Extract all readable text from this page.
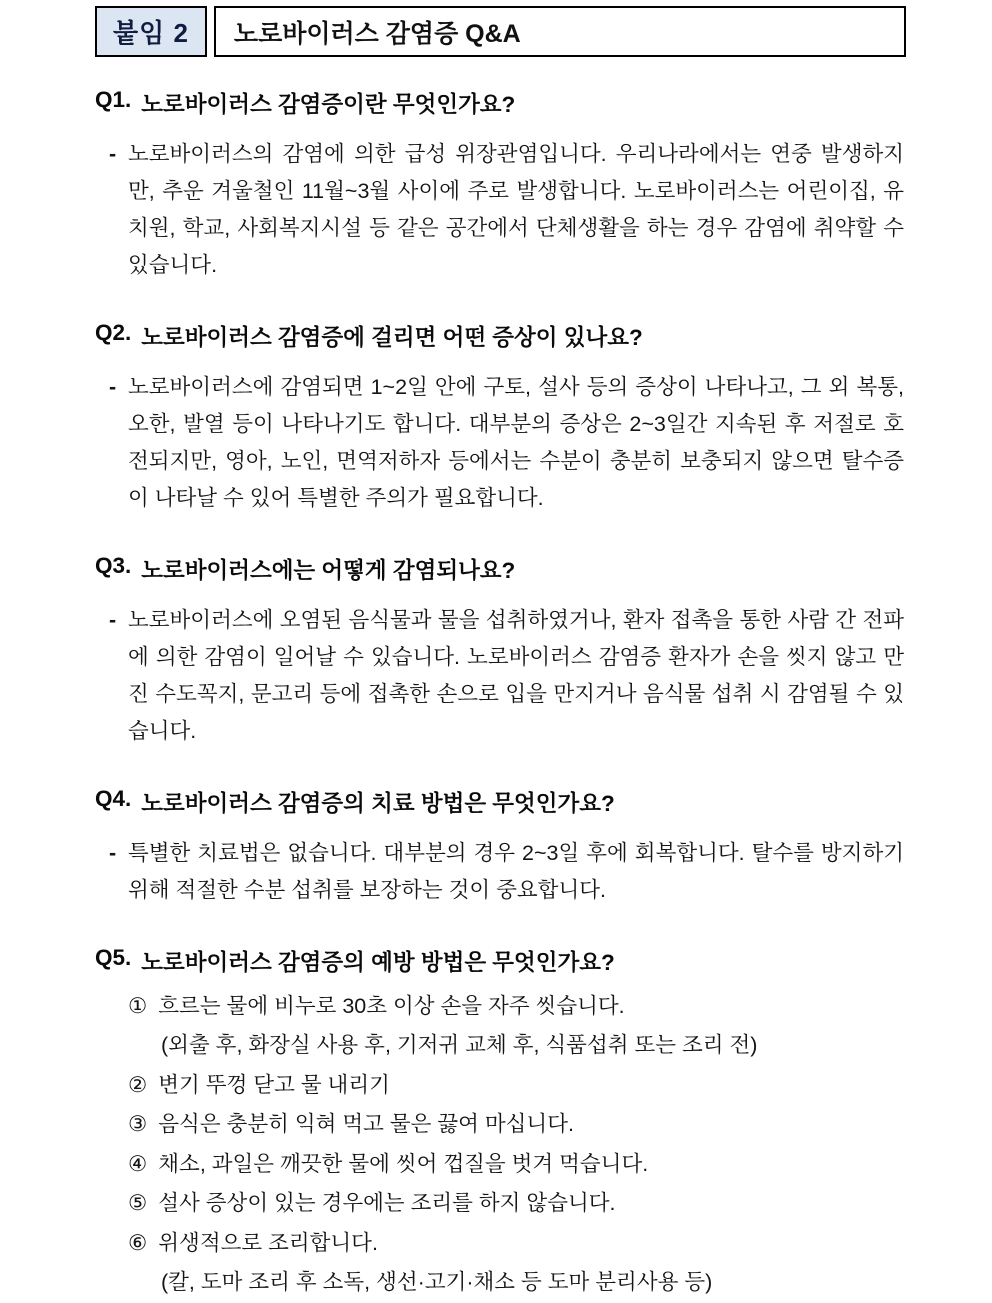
붙임 2 노로바이러스 감염증 Q&A
Q1. 노로바이러스 감염증이란 무엇인가요?
- 노로바이러스의 감염에 의한 급성 위장관염입니다. 우리나라에서는 연중 발생하지만, 추운 겨울철인 11월~3월 사이에 주로 발생합니다. 노로바이러스는 어린이집, 유치원, 학교, 사회복지시설 등 같은 공간에서 단체생활을 하는 경우 감염에 취약할 수 있습니다.
Q2. 노로바이러스 감염증에 걸리면 어떤 증상이 있나요?
- 노로바이러스에 감염되면 1~2일 안에 구토, 설사 등의 증상이 나타나고, 그 외 복통, 오한, 발열 등이 나타나기도 합니다. 대부분의 증상은 2~3일간 지속된 후 저절로 호전되지만, 영아, 노인, 면역저하자 등에서는 수분이 충분히 보충되지 않으면 탈수증이 나타날 수 있어 특별한 주의가 필요합니다.
Q3. 노로바이러스에는 어떻게 감염되나요?
- 노로바이러스에 오염된 음식물과 물을 섭취하였거나, 환자 접촉을 통한 사람 간 전파에 의한 감염이 일어날 수 있습니다. 노로바이러스 감염증 환자가 손을 씻지 않고 만진 수도꼭지, 문고리 등에 접촉한 손으로 입을 만지거나 음식물 섭취 시 감염될 수 있습니다.
Q4. 노로바이러스 감염증의 치료 방법은 무엇인가요?
- 특별한 치료법은 없습니다. 대부분의 경우 2~3일 후에 회복합니다. 탈수를 방지하기 위해 적절한 수분 섭취를 보장하는 것이 중요합니다.
Q5. 노로바이러스 감염증의 예방 방법은 무엇인가요?
① 흐르는 물에 비누로 30초 이상 손을 자주 씻습니다.
(외출 후, 화장실 사용 후, 기저귀 교체 후, 식품섭취 또는 조리 전)
② 변기 뚜껑 닫고 물 내리기
③ 음식은 충분히 익혀 먹고 물은 끓여 마십니다.
④ 채소, 과일은 깨끗한 물에 씻어 껍질을 벗겨 먹습니다.
⑤ 설사 증상이 있는 경우에는 조리를 하지 않습니다.
⑥ 위생적으로 조리합니다.
(칼, 도마 조리 후 소독, 생선·고기·채소 등 도마 분리사용 등)
